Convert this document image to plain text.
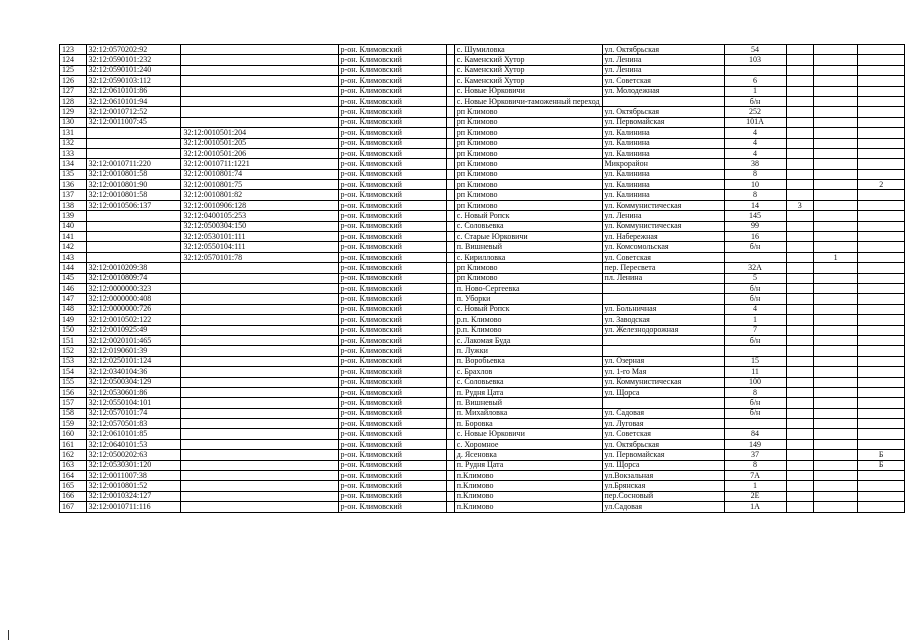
123	32:12:0570202:92		р-он. Климовский		с. Шумиловка	ул. Октябрьская	54			
124	32:12:0590101:232		р-он. Климовский		с. Каменский Хутор	ул. Ленина	103			
125	32:12:0590101:240		р-он. Климовский		с. Каменский Хутор	ул. Ленина				
126	32:12:0590103:112		р-он. Климовский		с. Каменский Хутор	ул. Советская	6			
127	32:12:0610101:86		р-он. Климовский		с. Новые Юрковичи	ул. Молодежная	1			
128	32:12:0610101:94		р-он. Климовский		с. Новые Юрковичи-таможенный переход		б/н			
129	32:12:0010712:52		р-он. Климовский		рп Климово	ул. Октябрьская	252			
130	32:12:0011007:45		р-он. Климовский		рп Климово	ул. Первомайская	101А			
131		32:12:0010501:204	р-он. Климовский		рп Климово	ул. Калинина	4			
132		32:12:0010501:205	р-он. Климовский		рп Климово	ул. Калинина	4			
133		32:12:0010501:206	р-он. Климовский		рп Климово	ул. Калинина	4			
134	32:12:0010711:220	32:12:0010711:1221	р-он. Климовский		рп Климово	Микрорайон	38			
135	32:12:0010801:58	32:12:0010801:74	р-он. Климовский		рп Климово	ул. Калинина	8			
136	32:12:0010801:90	32:12:0010801:75	р-он. Климовский		рп Климово	ул. Калинина	10			2
137	32:12:0010801:58	32:12:0010801:82	р-он. Климовский		рп Климово	ул. Калинина	8			
138	32:12:0010506:137	32:12:0010906:128	р-он. Климовский		рп Климово	ул. Коммунистическая	14	3		
139		32:12:0400105:253	р-он. Климовский		с. Новый Ропск	ул. Ленина	145			
140		32:12:0500304:150	р-он. Климовский		с. Соловьевка	ул. Коммунистическая	99			
141		32:12:0530101:111	р-он. Климовский		с. Старые Юрковичи	ул. Набережная	16			
142		32:12:0550104:111	р-он. Климовский		п. Вишневый	ул. Комсомольская	б/н			
143		32:12:0570101:78	р-он. Климовский		с. Кирилловка	ул. Советская			1	
144	32:12:0010209:38		р-он. Климовский		рп Климово	пер. Пересвета	32А			
145	32:12:0010809:74		р-он. Климовский		рп Климово	пл. Ленина	5			
146	32:12:0000000:323		р-он. Климовский		п. Ново-Сергеевка		б/н			
147	32:12:0000000:408		р-он. Климовский		п. Уборки		б/н			
148	32:12:0000000:726		р-он. Климовский		с. Новый Ропск	ул. Больничная	4			
149	32:12:0010502:122		р-он. Климовский		р.п. Климово	ул. Заводская	1			
150	32:12:0010925:49		р-он. Климовский		р.п. Климово	ул. Железнодорожная	7			
151	32:12:0020101:465		р-он. Климовский		с. Лакомая Буда		б/н			
152	32:12:0190601:39		р-он. Климовский		п. Лужки					
153	32:12:0250101:124		р-он. Климовский		п. Воробьевка	ул. Озерная	15			
154	32:12:0340104:36		р-он. Климовский		с. Брахлов	ул. 1-го Мая	11			
155	32:12:0500304:129		р-он. Климовский		с. Соловьевка	ул. Коммунистическая	100			
156	32:12:0530601:86		р-он. Климовский		п. Рудня Цата	ул. Щорса	8			
157	32:12:0550104:101		р-он. Климовский		п. Вишневый		б/н			
158	32:12:0570101:74		р-он. Климовский		п. Михайловка	ул. Садовая	б/н			
159	32:12:0570501:83		р-он. Климовский		п. Боровка	ул. Луговая				
160	32:12:0610101:85		р-он. Климовский		с. Новые Юрковичи	ул. Советская	84			
161	32:12:0640101:53		р-он. Климовский		с. Хоромное	ул. Октябрьская	149			
162	32:12:0500202:63		р-он. Климовский		д. Ясеновка	ул. Первомайская	37			Б
163	32:12:0530301:120		р-он. Климовский		п. Рудня Цата	ул. Щорса	8			Б
164	32:12:0011007:38		р-он. Климовский		п.Климово	ул.Вокзальная	7А			
165	32:12:0010801:52		р-он. Климовский		п.Климово	ул.Брянская	1			
166	32:12:0010324:127		р-он. Климовский		п.Климово	пер.Сосновый	2Е			
167	32:12:0010711:116		р-он. Климовский		п.Климово	ул.Садовая	1А			
